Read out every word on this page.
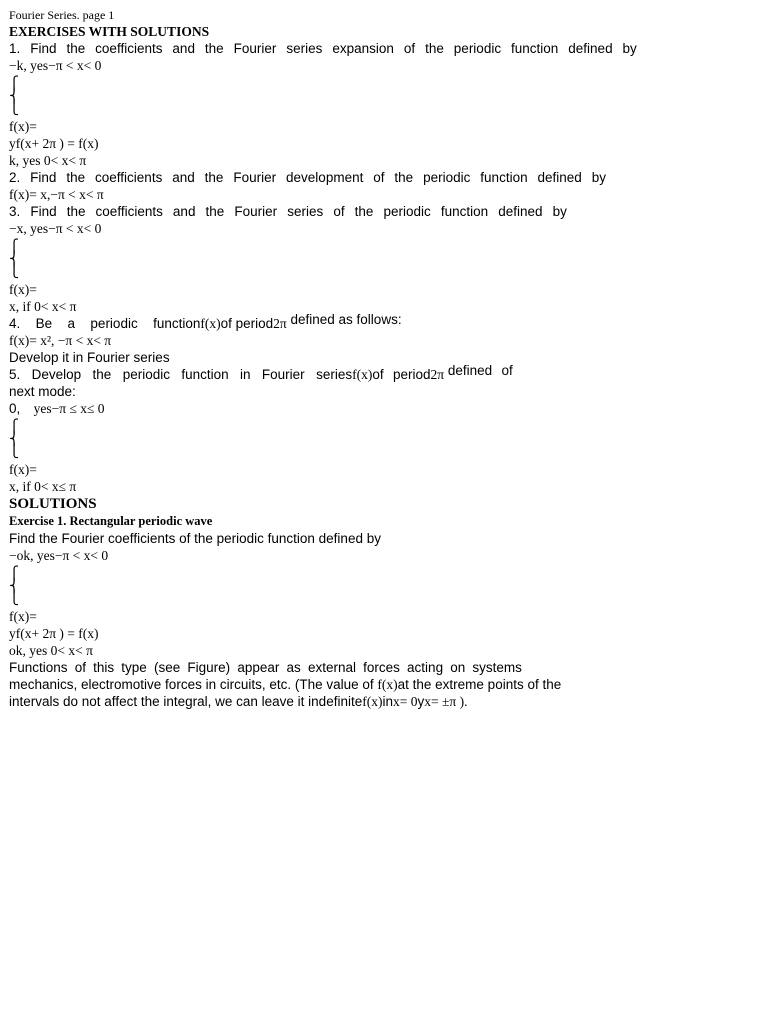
Fourier Series. page 1
EXERCISES WITH SOLUTIONS
1. Find the coefficients and the Fourier series expansion of the periodic function defined by
−k, yes−π < x< 0
⎧
⎨
⎩
f(x)=
yf(x+ 2π ) = f(x)
k, yes 0< x< π
2. Find the coefficients and the Fourier development of the periodic function defined by
f(x)= x,−π < x< π
3. Find the coefficients and the Fourier series of the periodic function defined by
−x, yes−π < x< 0
⎧
⎨
⎩
f(x)=
x, if 0< x< π
4. Be a periodic functionf(x)of period2π defined as follows:
f(x)= x², −π < x< π
Develop it in Fourier series
5. Develop the periodic function in Fourier seriesf(x)of period2π defined of
next mode:
0, yes−π ≤ x≤ 0
⎧
⎨
⎩
f(x)=
x, if 0< x≤ π
SOLUTIONS
Exercise 1. Rectangular periodic wave
Find the Fourier coefficients of the periodic function defined by
−ok, yes−π < x< 0
⎧
⎨
⎩
f(x)=
yf(x+ 2π ) = f(x)
ok, yes 0< x< π
Functions of this type (see Figure) appear as external forces acting on systems
mechanics, electromotive forces in circuits, etc. (The value of f(x)at the extreme points of the
intervals do not affect the integral, we can leave it indefinitef(x)inx= 0yx= ±π ).
